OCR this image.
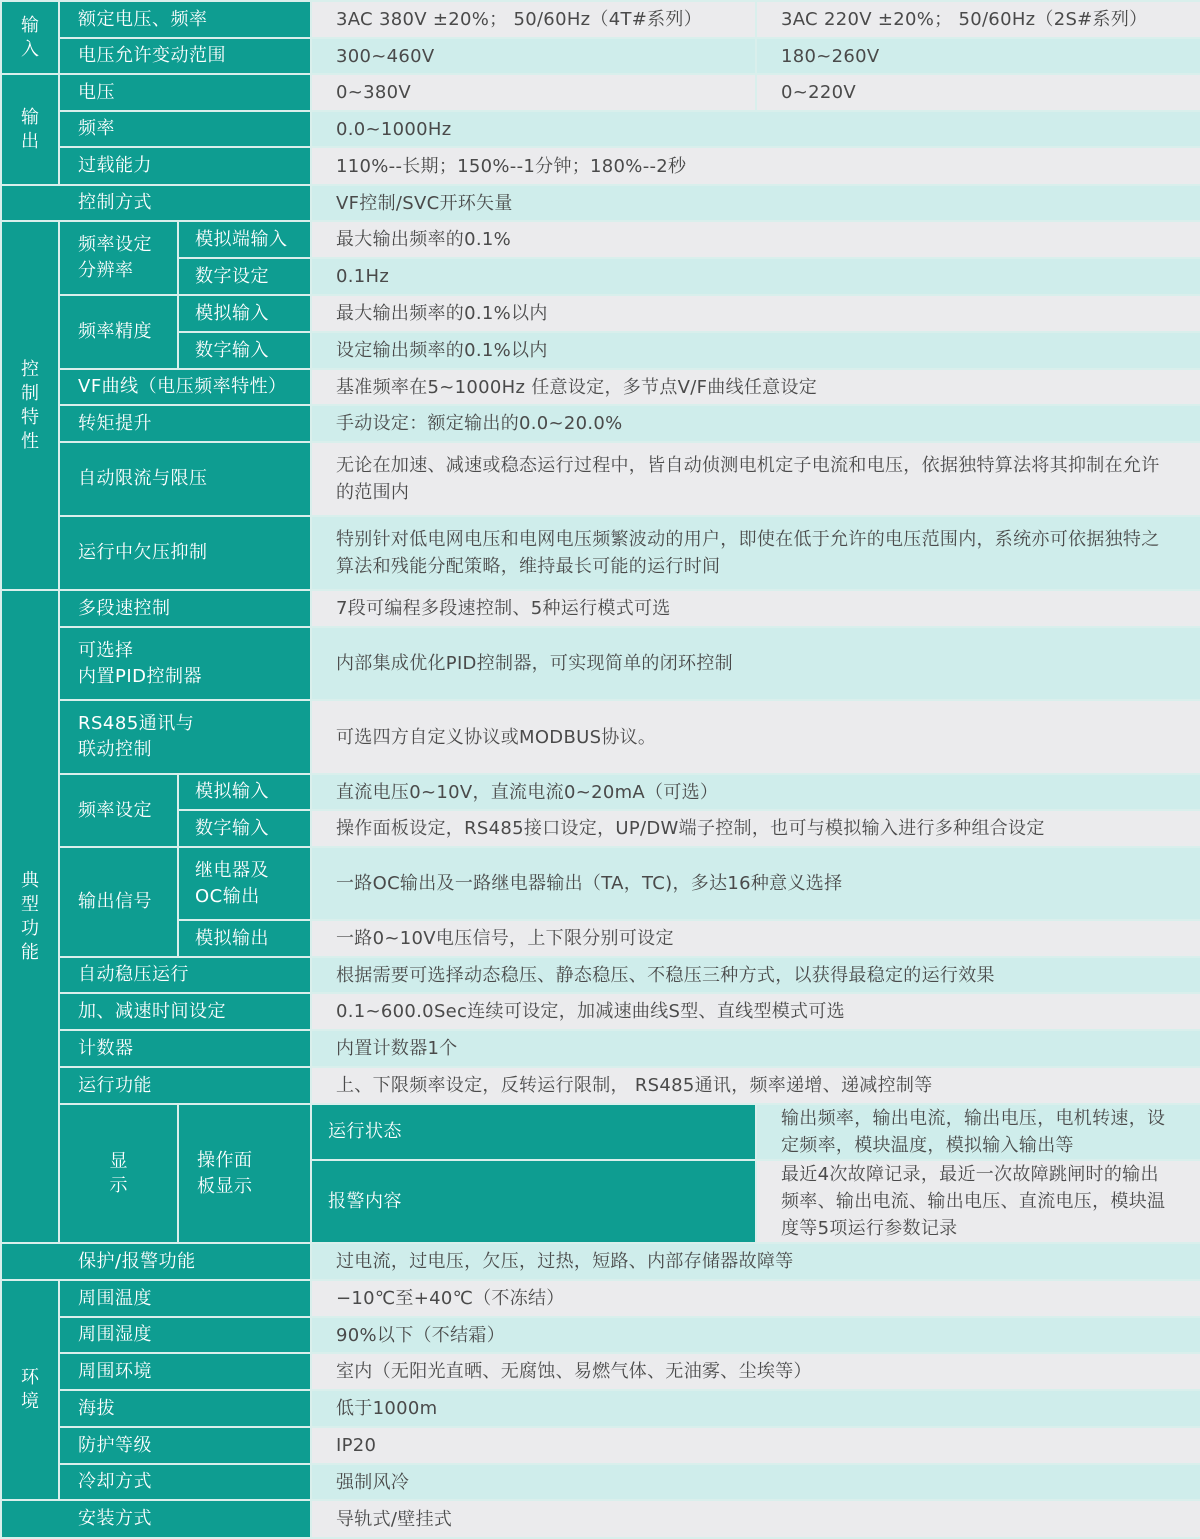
输入	额定电压、频率		3AC 380V ±20%； 50/60Hz（4T#系列）	3AC 220V ±20%； 50/60Hz（2S#系列）
	电压允许变动范围		300~460V	180~260V

输出	电压		0~380V	0~220V
	频率		0.0~1000Hz	
	过载能力		110%--长期；150%--1分钟；180%--2秒	
控制方式			VF控制/SVC开环矢量	

控制特性	频率设定分辨率	模拟端输入	最大输出频率的0.1%	
		数字设定	0.1Hz	
	频率精度	模拟输入	最大输出频率的0.1%以内	
		数字输入	设定输出频率的0.1%以内	
	VF曲线（电压频率特性）		基准频率在5~1000Hz 任意设定，多节点V/F曲线任意设定	
	转矩提升		手动设定：额定输出的0.0~20.0%	
	自动限流与限压		无论在加速、减速或稳态运行过程中，皆自动侦测电机定子电流和电压，依据独特算法将其抑制在允许的范围内	
	运行中欠压抑制		特别针对低电网电压和电网电压频繁波动的用户，即使在低于允许的电压范围内，系统亦可依据独特之算法和残能分配策略，维持最长可能的运行时间	

典型功能	多段速控制		7段可编程多段速控制、5种运行模式可选	

	可选择
内置PID控制器		内部集成优化PID控制器，可实现简单的闭环控制	

	RS485通讯与
联动控制		可选四方自定义协议或MODBUS协议。	
	频率设定	模拟输入	直流电压0~10V，直流电流0~20mA（可选）	
		数字输入	操作面板设定，RS485接口设定，UP/DW端子控制，也可与模拟输入进行多种组合设定	
	输出信号	继电器及
OC输出	一路OC输出及一路继电器输出（TA，TC)，多达16种意义选择	
		模拟输出	一路0~10V电压信号，上下限分别可设定	
	自动稳压运行		根据需要可选择动态稳压、静态稳压、不稳压三种方式，以获得最稳定的运行效果	
	加、减速时间设定		0.1~600.0Sec连续可设定，加减速曲线S型、直线型模式可选	
	计数器		内置计数器1个	
	运行功能		上、下限频率设定，反转运行限制， RS485通讯，频率递增、递减控制等	

	显示	操作面
板显示	运行状态	输出频率，输出电流，输出电压，电机转速，设定频率，模块温度，模拟输入输出等
			报警内容	最近4次故障记录，最近一次故障跳闸时的输出频率、输出电流、输出电压、直流电压，模块温度等5项运行参数记录
保护/报警功能			过电流，过电压，欠压，过热，短路、内部存储器故障等	

环境	周围温度		−10℃至+40℃（不冻结）	
	周围湿度		90%以下（不结霜）	
	周围环境		室内（无阳光直晒、无腐蚀、易燃气体、无油雾、尘埃等）	
	海拔		低于1000m	
	防护等级		IP20	
	冷却方式		强制风冷	
安装方式			导轨式/壁挂式	
